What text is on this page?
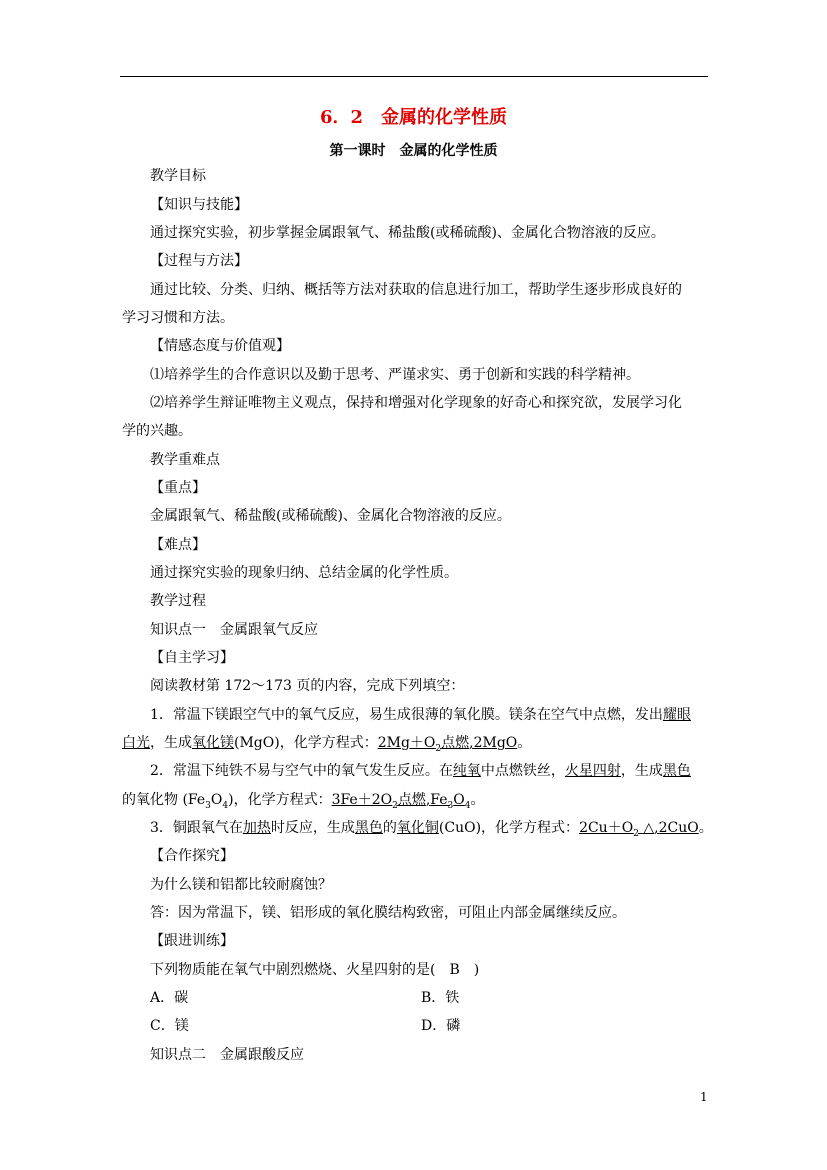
6．2　金属的化学性质
第一课时　金属的化学性质
教学目标
【知识与技能】
通过探究实验，初步掌握金属跟氧气、稀盐酸(或稀硫酸)、金属化合物溶液的反应。
【过程与方法】
通过比较、分类、归纳、概括等方法对获取的信息进行加工，帮助学生逐步形成良好的
学习习惯和方法。
【情感态度与价值观】
⑴培养学生的合作意识以及勤于思考、严谨求实、勇于创新和实践的科学精神。
⑵培养学生辩证唯物主义观点，保持和增强对化学现象的好奇心和探究欲，发展学习化
学的兴趣。
教学重难点
【重点】
金属跟氧气、稀盐酸(或稀硫酸)、金属化合物溶液的反应。
【难点】
通过探究实验的现象归纳、总结金属的化学性质。
教学过程
知识点一　金属跟氧气反应
【自主学习】
阅读教材第 172～173 页的内容，完成下列填空：
1．常温下镁跟空气中的氧气反应，易生成很薄的氧化膜。镁条在空气中点燃，发出耀眼
白光，生成氧化镁(MgO)，化学方程式：$2Mg+O_2$点燃,2MgO。
2．常温下纯铁不易与空气中的氧气发生反应。在纯氧中点燃铁丝，火星四射，生成黑色
的氧化物 $(Fe_3O_4)$，化学方程式：$3Fe+2O_2$点燃$,Fe_3O_4$。
3．铜跟氧气在加热时反应，生成黑色的氧化铜(CuO)，化学方程式：$2Cu+O_2$ △,2CuO。
【合作探究】
为什么镁和铝都比较耐腐蚀？
答：因为常温下，镁、铝形成的氧化膜结构致密，可阻止内部金属继续反应。
【跟进训练】
下列物质能在氧气中剧烈燃烧、火星四射的是(　B　)
A．碳	B．铁
C．镁	D．磷
知识点二　金属跟酸反应
1
